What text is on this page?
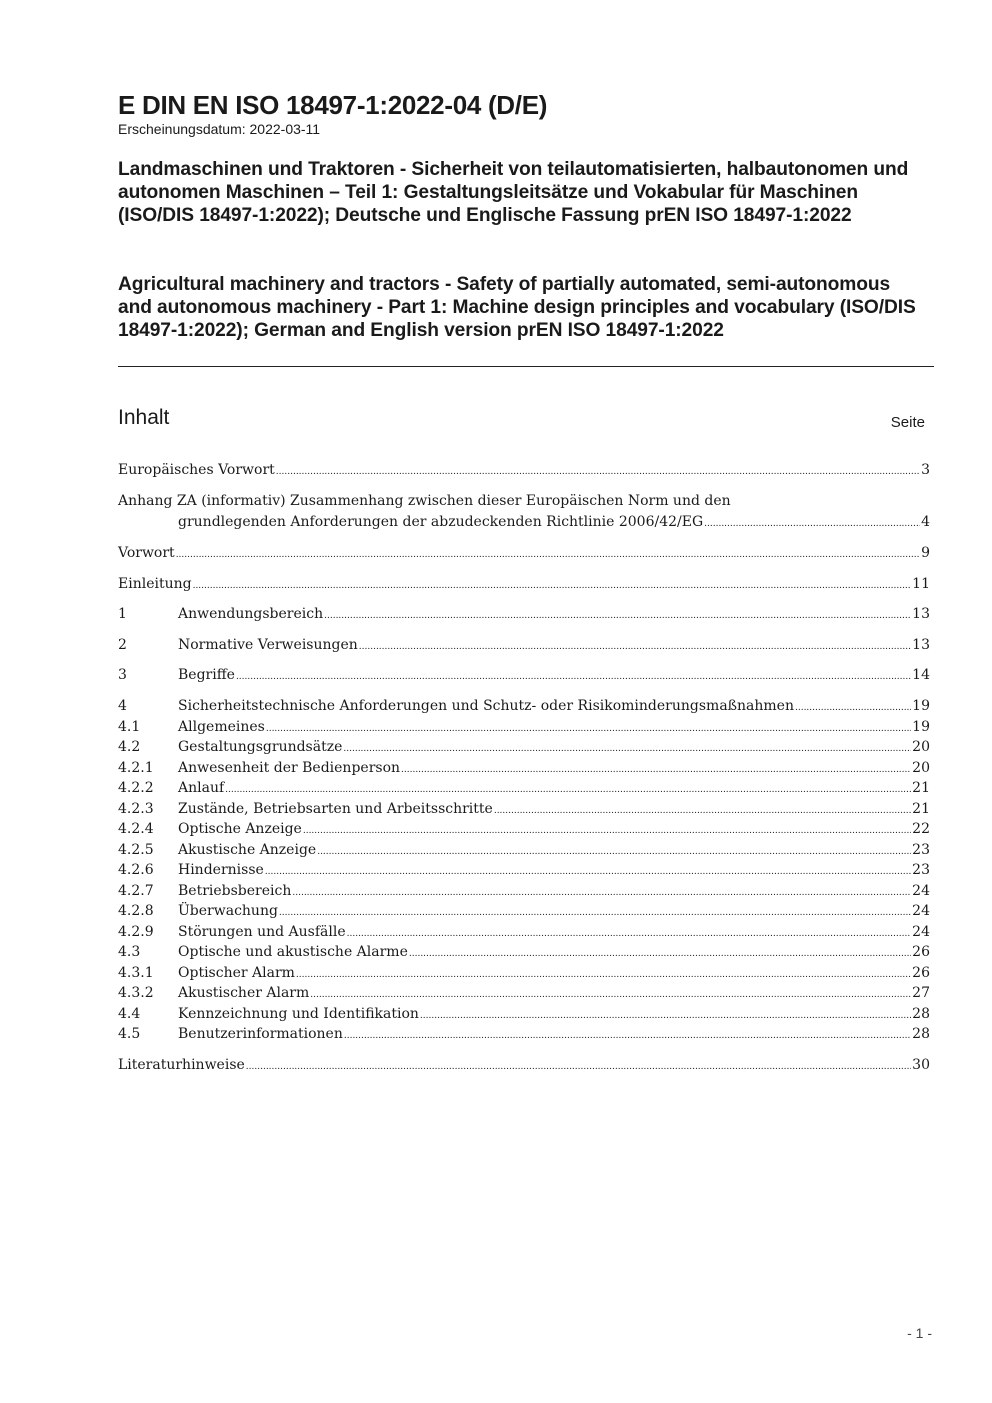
E DIN EN ISO 18497-1:2022-04 (D/E)
Erscheinungsdatum: 2022-03-11
Landmaschinen und Traktoren - Sicherheit von teilautomatisierten, halbautonomen und autonomen Maschinen – Teil 1: Gestaltungsleitsätze und Vokabular für Maschinen (ISO/DIS 18497-1:2022); Deutsche und Englische Fassung prEN ISO 18497-1:2022
Agricultural machinery and tractors - Safety of partially automated, semi-autonomous and autonomous machinery - Part 1: Machine design principles and vocabulary (ISO/DIS 18497-1:2022); German and English version prEN ISO 18497-1:2022
Inhalt	Seite
Europäisches Vorwort .....	3
Anhang ZA (informativ) Zusammenhang zwischen dieser Europäischen Norm und den
grundlegenden Anforderungen der abzudeckenden Richtlinie 2006/42/EG .....	4
Vorwort .....	9
Einleitung .....	11
1	Anwendungsbereich .....	13
2	Normative Verweisungen .....	13
3	Begriffe .....	14
4	Sicherheitstechnische Anforderungen und Schutz- oder Risikominderungsmaßnahmen .....	19
4.1	Allgemeines .....	19
4.2	Gestaltungsgrundsätze .....	20
4.2.1 Anwesenheit der Bedienperson .....	20
4.2.2 Anlauf .....	21
4.2.3 Zustände, Betriebsarten und Arbeitsschritte .....	21
4.2.4 Optische Anzeige .....	22
4.2.5 Akustische Anzeige .....	23
4.2.6 Hindernisse .....	23
4.2.7 Betriebsbereich .....	24
4.2.8 Überwachung .....	24
4.2.9 Störungen und Ausfälle .....	24
4.3	Optische und akustische Alarme .....	26
4.3.1 Optischer Alarm .....	26
4.3.2 Akustischer Alarm .....	27
4.4	Kennzeichnung und Identifikation .....	28
4.5	Benutzerinformationen .....	28
Literaturhinweise .....	30
- 1 -
